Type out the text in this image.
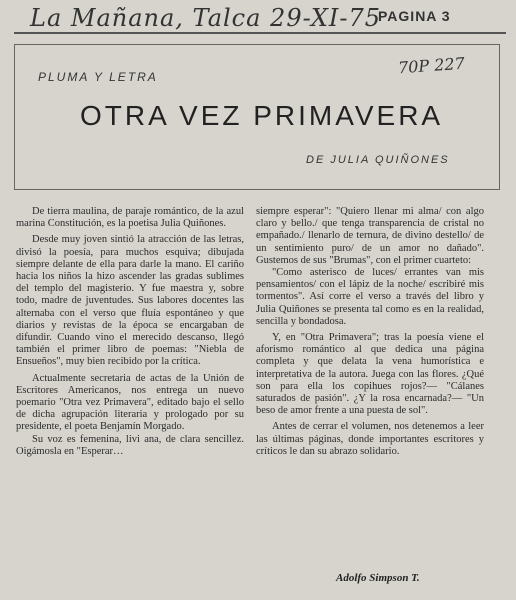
La Mañana, Talca 29-XI-75
PAGINA 3
70P 227
PLUMA Y LETRA
OTRA VEZ PRIMAVERA
DE JULIA QUIÑONES

De tierra maulina, de paraje romántico, de la azul marina Constitución, es la poetisa Julia Quiñones.

Desde muy joven sintió la atracción de las letras, divisó la poesía, para muchos esquiva; dibujada siempre delante de ella para darle la mano. El cariño hacia los niños la hizo ascender las gradas sublimes del templo del magisterio. Y fue maestra y, sobre todo, madre de juventudes. Sus labores docentes las alternaba con el verso que fluía espontáneo y que diarios y revistas de la época se encargaban de difundir. Cuando vino el merecido descanso, llegó también el primer libro de poemas: "Niebla de Ensueños", muy bien recibido por la crítica.

Actualmente secretaria de actas de la Unión de Escritores Americanos, nos entrega un nuevo poemario "Otra vez Primavera", editado bajo el sello de dicha agrupación literaria y prologado por su presidente, el poeta Benjamín Morgado.

Su voz es femenina, livi ana, de clara sencillez. Oigámosla en "Esperar…

siempre esperar": "Quiero llenar mi alma/ con algo claro y bello./ que tenga transparencia de cristal no empañado./ llenarlo de ternura, de divino destello/ de un sentimiento puro/ de un amor no dañado". Gustemos de sus "Brumas", con el primer cuarteto:

"Como asterisco de luces/ errantes van mis pensamientos/ con el lápiz de la noche/ escribiré mis tormentos". Así corre el verso a través del libro y Julia Quiñones se presenta tal como es en la realidad, sencilla y bondadosa.

Y, en "Otra Primavera"; tras la poesía viene el aforismo romántico al que dedica una página completa y que delata la vena humorística e interpretativa de la autora. Juega con las flores. ¿Qué son para ella los copihues rojos?— "Cálanes saturados de pasión". ¿Y la rosa encarnada?— "Un beso de amor frente a una puesta de sol".

Antes de cerrar el volumen, nos detenemos a leer las últimas páginas, donde importantes escritores y críticos le dan su abrazo solidario.

Adolfo Simpson T.
